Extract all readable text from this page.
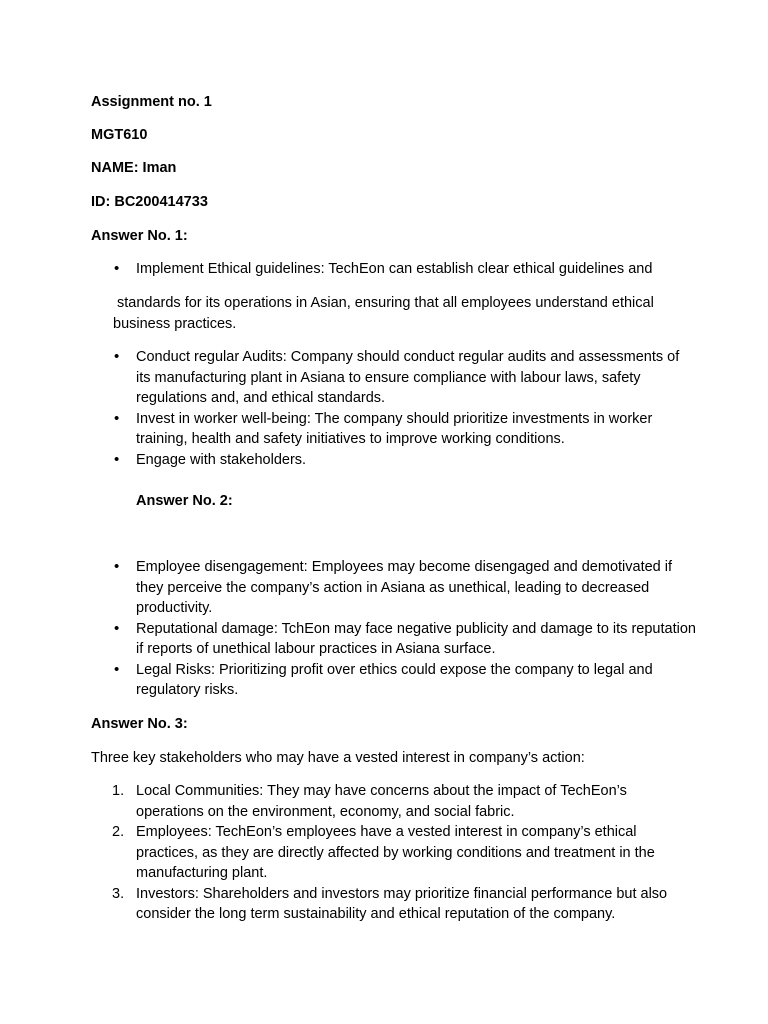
Assignment no. 1

MGT610

NAME: Iman

ID: BC200414733

Answer No. 1:

•	Implement Ethical guidelines: TechEon can establish clear ethical guidelines and

standards for its operations in Asian, ensuring that all employees understand ethical business practices.

•	Conduct regular Audits: Company should conduct regular audits and assessments of its manufacturing plant in Asiana to ensure compliance with labour laws, safety regulations and, and ethical standards.
•	Invest in worker well-being: The company should prioritize investments in worker training, health and safety initiatives to improve working conditions.
•	Engage with stakeholders.

Answer No. 2:

•	Employee disengagement: Employees may become disengaged and demotivated if they perceive the company’s action in Asiana as unethical, leading to decreased productivity.
•	Reputational damage: TchEon may face negative publicity and damage to its reputation if reports of unethical labour practices in Asiana surface.
•	Legal Risks: Prioritizing profit over ethics could expose the company to legal and regulatory risks.

Answer No. 3:

Three key stakeholders who may have a vested interest in company’s action:

1. Local Communities: They may have concerns about the impact of TechEon’s operations on the environment, economy, and social fabric.
2. Employees: TechEon’s employees have a vested interest in company’s ethical practices, as they are directly affected by working conditions and treatment in the manufacturing plant.
3. Investors: Shareholders and investors may prioritize financial performance but also consider the long term sustainability and ethical reputation of the company.
